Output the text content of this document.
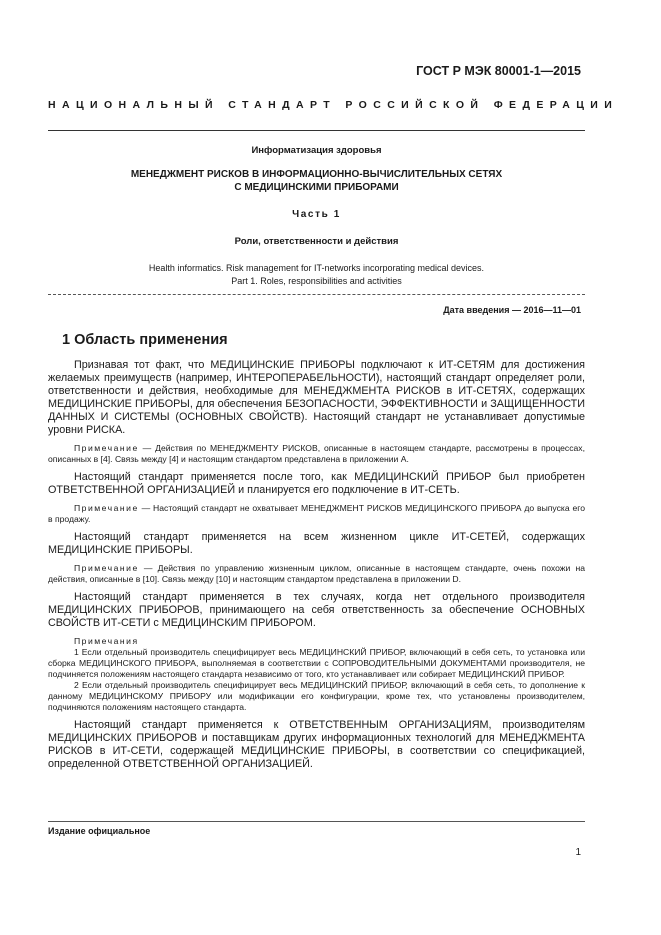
ГОСТ Р МЭК 80001-1—2015
НАЦИОНАЛЬНЫЙ СТАНДАРТ РОССИЙСКОЙ ФЕДЕРАЦИИ
Информатизация здоровья
МЕНЕДЖМЕНТ РИСКОВ В ИНФОРМАЦИОННО-ВЫЧИСЛИТЕЛЬНЫХ СЕТЯХ
С МЕДИЦИНСКИМИ ПРИБОРАМИ
Часть 1
Роли, ответственности и действия
Health informatics. Risk management for IT-networks incorporating medical devices.
Part 1. Roles, responsibilities and activities
Дата введения — 2016—11—01
1 Область применения

Признавая тот факт, что МЕДИЦИНСКИЕ ПРИБОРЫ подключают к ИТ-СЕТЯМ для достижения желаемых преимуществ (например, ИНТЕРОПЕРАБЕЛЬНОСТИ), настоящий стандарт определяет роли, ответственности и действия, необходимые для МЕНЕДЖМЕНТА РИСКОВ в ИТ-СЕТЯХ, содержащих МЕДИЦИНСКИЕ ПРИБОРЫ, для обеспечения БЕЗОПАСНОСТИ, ЭФФЕКТИВНОСТИ и ЗАЩИЩЕННОСТИ ДАННЫХ И СИСТЕМЫ (ОСНОВНЫХ СВОЙСТВ). Настоящий стандарт не устанавливает допустимые уровни РИСКА.

Примечание — Действия по МЕНЕДЖМЕНТУ РИСКОВ, описанные в настоящем стандарте, рассмотрены в процессах, описанных в [4]. Связь между [4] и настоящим стандартом представлена в приложении А.

Настоящий стандарт применяется после того, как МЕДИЦИНСКИЙ ПРИБОР был приобретен ОТВЕТСТВЕННОЙ ОРГАНИЗАЦИЕЙ и планируется его подключение в ИТ-СЕТЬ.

Примечание — Настоящий стандарт не охватывает МЕНЕДЖМЕНТ РИСКОВ МЕДИЦИНСКОГО ПРИБОРА до выпуска его в продажу.

Настоящий стандарт применяется на всем жизненном цикле ИТ-СЕТЕЙ, содержащих МЕДИЦИНСКИЕ ПРИБОРЫ.

Примечание — Действия по управлению жизненным циклом, описанные в настоящем стандарте, очень похожи на действия, описанные в [10]. Связь между [10] и настоящим стандартом представлена в приложении D.

Настоящий стандарт применяется в тех случаях, когда нет отдельного производителя МЕДИЦИНСКИХ ПРИБОРОВ, принимающего на себя ответственность за обеспечение ОСНОВНЫХ СВОЙСТВ ИТ-СЕТИ с МЕДИЦИНСКИМ ПРИБОРОМ.

Примечания

1 Если отдельный производитель специфицирует весь МЕДИЦИНСКИЙ ПРИБОР, включающий в себя сеть, то установка или сборка МЕДИЦИНСКОГО ПРИБОРА, выполняемая в соответствии с СОПРОВОДИТЕЛЬНЫМИ ДОКУМЕНТАМИ производителя, не подчиняется положениям настоящего стандарта независимо от того, кто устанавливает или собирает МЕДИЦИНСКИЙ ПРИБОР.

2 Если отдельный производитель специфицирует весь МЕДИЦИНСКИЙ ПРИБОР, включающий в себя сеть, то дополнение к данному МЕДИЦИНСКОМУ ПРИБОРУ или модификации его конфигурации, кроме тех, что установлены производителем, подчиняются положениям настоящего стандарта.

Настоящий стандарт применяется к ОТВЕТСТВЕННЫМ ОРГАНИЗАЦИЯМ, производителям МЕДИЦИНСКИХ ПРИБОРОВ и поставщикам других информационных технологий для МЕНЕДЖМЕНТА РИСКОВ в ИТ-СЕТИ, содержащей МЕДИЦИНСКИЕ ПРИБОРЫ, в соответствии со спецификацией, определенной ОТВЕТСТВЕННОЙ ОРГАНИЗАЦИЕЙ.

Издание официальное
1
